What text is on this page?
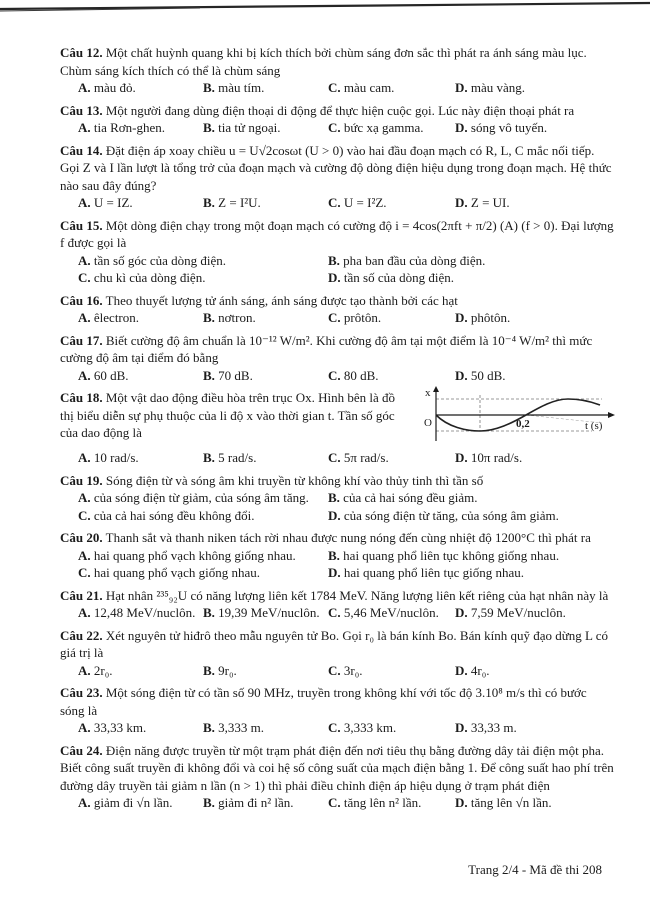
Câu 12. Một chất huỳnh quang khi bị kích thích bởi chùm sáng đơn sắc thì phát ra ánh sáng màu lục. Chùm sáng kích thích có thể là chùm sáng
A. màu đỏ.	B. màu tím.	C. màu cam.	D. màu vàng.
Câu 13. Một người đang dùng điện thoại di động để thực hiện cuộc gọi. Lúc này điện thoại phát ra
A. tia Rơn-ghen.	B. tia tử ngoại.	C. bức xạ gamma.	D. sóng vô tuyến.
Câu 14. Đặt điện áp xoay chiều u = U√2cosωt (U > 0) vào hai đầu đoạn mạch có R, L, C mắc nối tiếp. Gọi Z và I lần lượt là tổng trở của đoạn mạch và cường độ dòng điện hiệu dụng trong đoạn mạch. Hệ thức nào sau đây đúng?
A. U = IZ.	B. Z = I²U.	C. U = I²Z.	D. Z = UI.
Câu 15. Một dòng điện chạy trong một đoạn mạch có cường độ i = 4cos(2πft + π/2) (A) (f > 0). Đại lượng f được gọi là
A. tần số góc của dòng điện.	B. pha ban đầu của dòng điện.
C. chu kì của dòng điện.	D. tần số của dòng điện.
Câu 16. Theo thuyết lượng tử ánh sáng, ánh sáng được tạo thành bởi các hạt
A. êlectron.	B. nơtron.	C. prôtôn.	D. phôtôn.
Câu 17. Biết cường độ âm chuẩn là 10⁻¹² W/m². Khi cường độ âm tại một điểm là 10⁻⁴ W/m² thì mức cường độ âm tại điểm đó bằng
A. 60 dB.	B. 70 dB.	C. 80 dB.	D. 50 dB.
x
O	0,2	t (s)
Câu 18. Một vật dao động điều hòa trên trục Ox. Hình bên là đồ thị biểu diễn sự phụ thuộc của li độ x vào thời gian t. Tần số góc của dao động là
A. 10 rad/s.	B. 5 rad/s.	C. 5π rad/s.	D. 10π rad/s.
Câu 19. Sóng điện từ và sóng âm khi truyền từ không khí vào thủy tinh thì tần số
A. của sóng điện từ giảm, của sóng âm tăng.	B. của cả hai sóng đều giảm.
C. của cả hai sóng đều không đổi.	D. của sóng điện từ tăng, của sóng âm giảm.
Câu 20. Thanh sắt và thanh niken tách rời nhau được nung nóng đến cùng nhiệt độ 1200°C thì phát ra
A. hai quang phổ vạch không giống nhau.	B. hai quang phổ liên tục không giống nhau.
C. hai quang phổ vạch giống nhau.	D. hai quang phổ liên tục giống nhau.
Câu 21. Hạt nhân ²³⁵₉₂U có năng lượng liên kết 1784 MeV. Năng lượng liên kết riêng của hạt nhân này là
A. 12,48 MeV/nuclôn. B. 19,39 MeV/nuclôn. C. 5,46 MeV/nuclôn.	D. 7,59 MeV/nuclôn.
Câu 22. Xét nguyên tử hiđrô theo mẫu nguyên tử Bo. Gọi r₀ là bán kính Bo. Bán kính quỹ đạo dừng L có giá trị là
A. 2r₀.	B. 9r₀.	C. 3r₀.	D. 4r₀.
Câu 23. Một sóng điện từ có tần số 90 MHz, truyền trong không khí với tốc độ 3.10⁸ m/s thì có bước sóng là
A. 33,33 km.	B. 3,333 m.	C. 3,333 km.	D. 33,33 m.
Câu 24. Điện năng được truyền từ một trạm phát điện đến nơi tiêu thụ bằng đường dây tải điện một pha. Biết công suất truyền đi không đổi và coi hệ số công suất của mạch điện bằng 1. Để công suất hao phí trên đường dây truyền tải giảm n lần (n > 1) thì phải điều chỉnh điện áp hiệu dụng ở trạm phát điện
A. giảm đi √n lần.	B. giảm đi n² lần.	C. tăng lên n² lần.	D. tăng lên √n lần.
Trang 2/4 - Mã đề thi 208
